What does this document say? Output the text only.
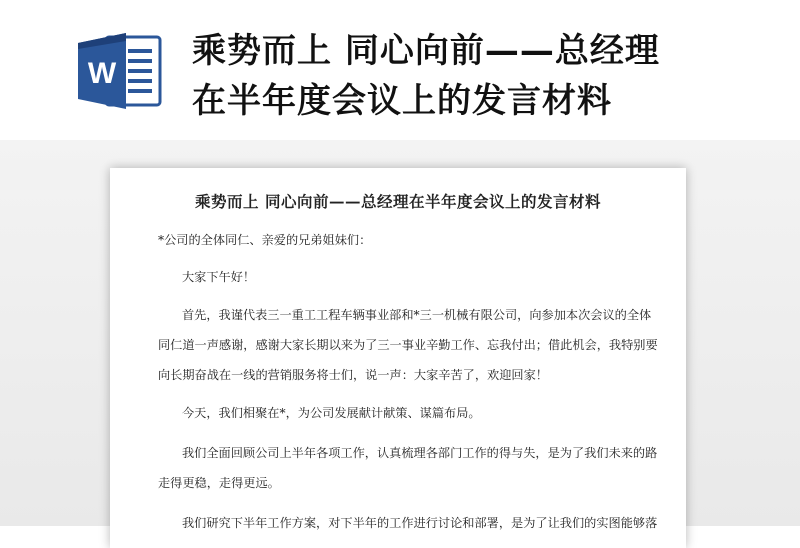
W
乘势而上 同心向前——总经理
在半年度会议上的发言材料
乘势而上 同心向前——总经理在半年度会议上的发言材料
*公司的全体同仁、亲爱的兄弟姐妹们：
大家下午好！
首先，我谨代表三一重工工程车辆事业部和*三一机械有限公司，向参加本次会议的全体
同仁道一声感谢，感谢大家长期以来为了三一事业辛勤工作、忘我付出；借此机会，我特别要
向长期奋战在一线的营销服务将士们，说一声：大家辛苦了，欢迎回家！
今天，我们相聚在*，为公司发展献计献策、谋篇布局。
我们全面回顾公司上半年各项工作，认真梳理各部门工作的得与失，是为了我们未来的路
走得更稳，走得更远。
我们研究下半年工作方案，对下半年的工作进行讨论和部署，是为了让我们的实图能够落
